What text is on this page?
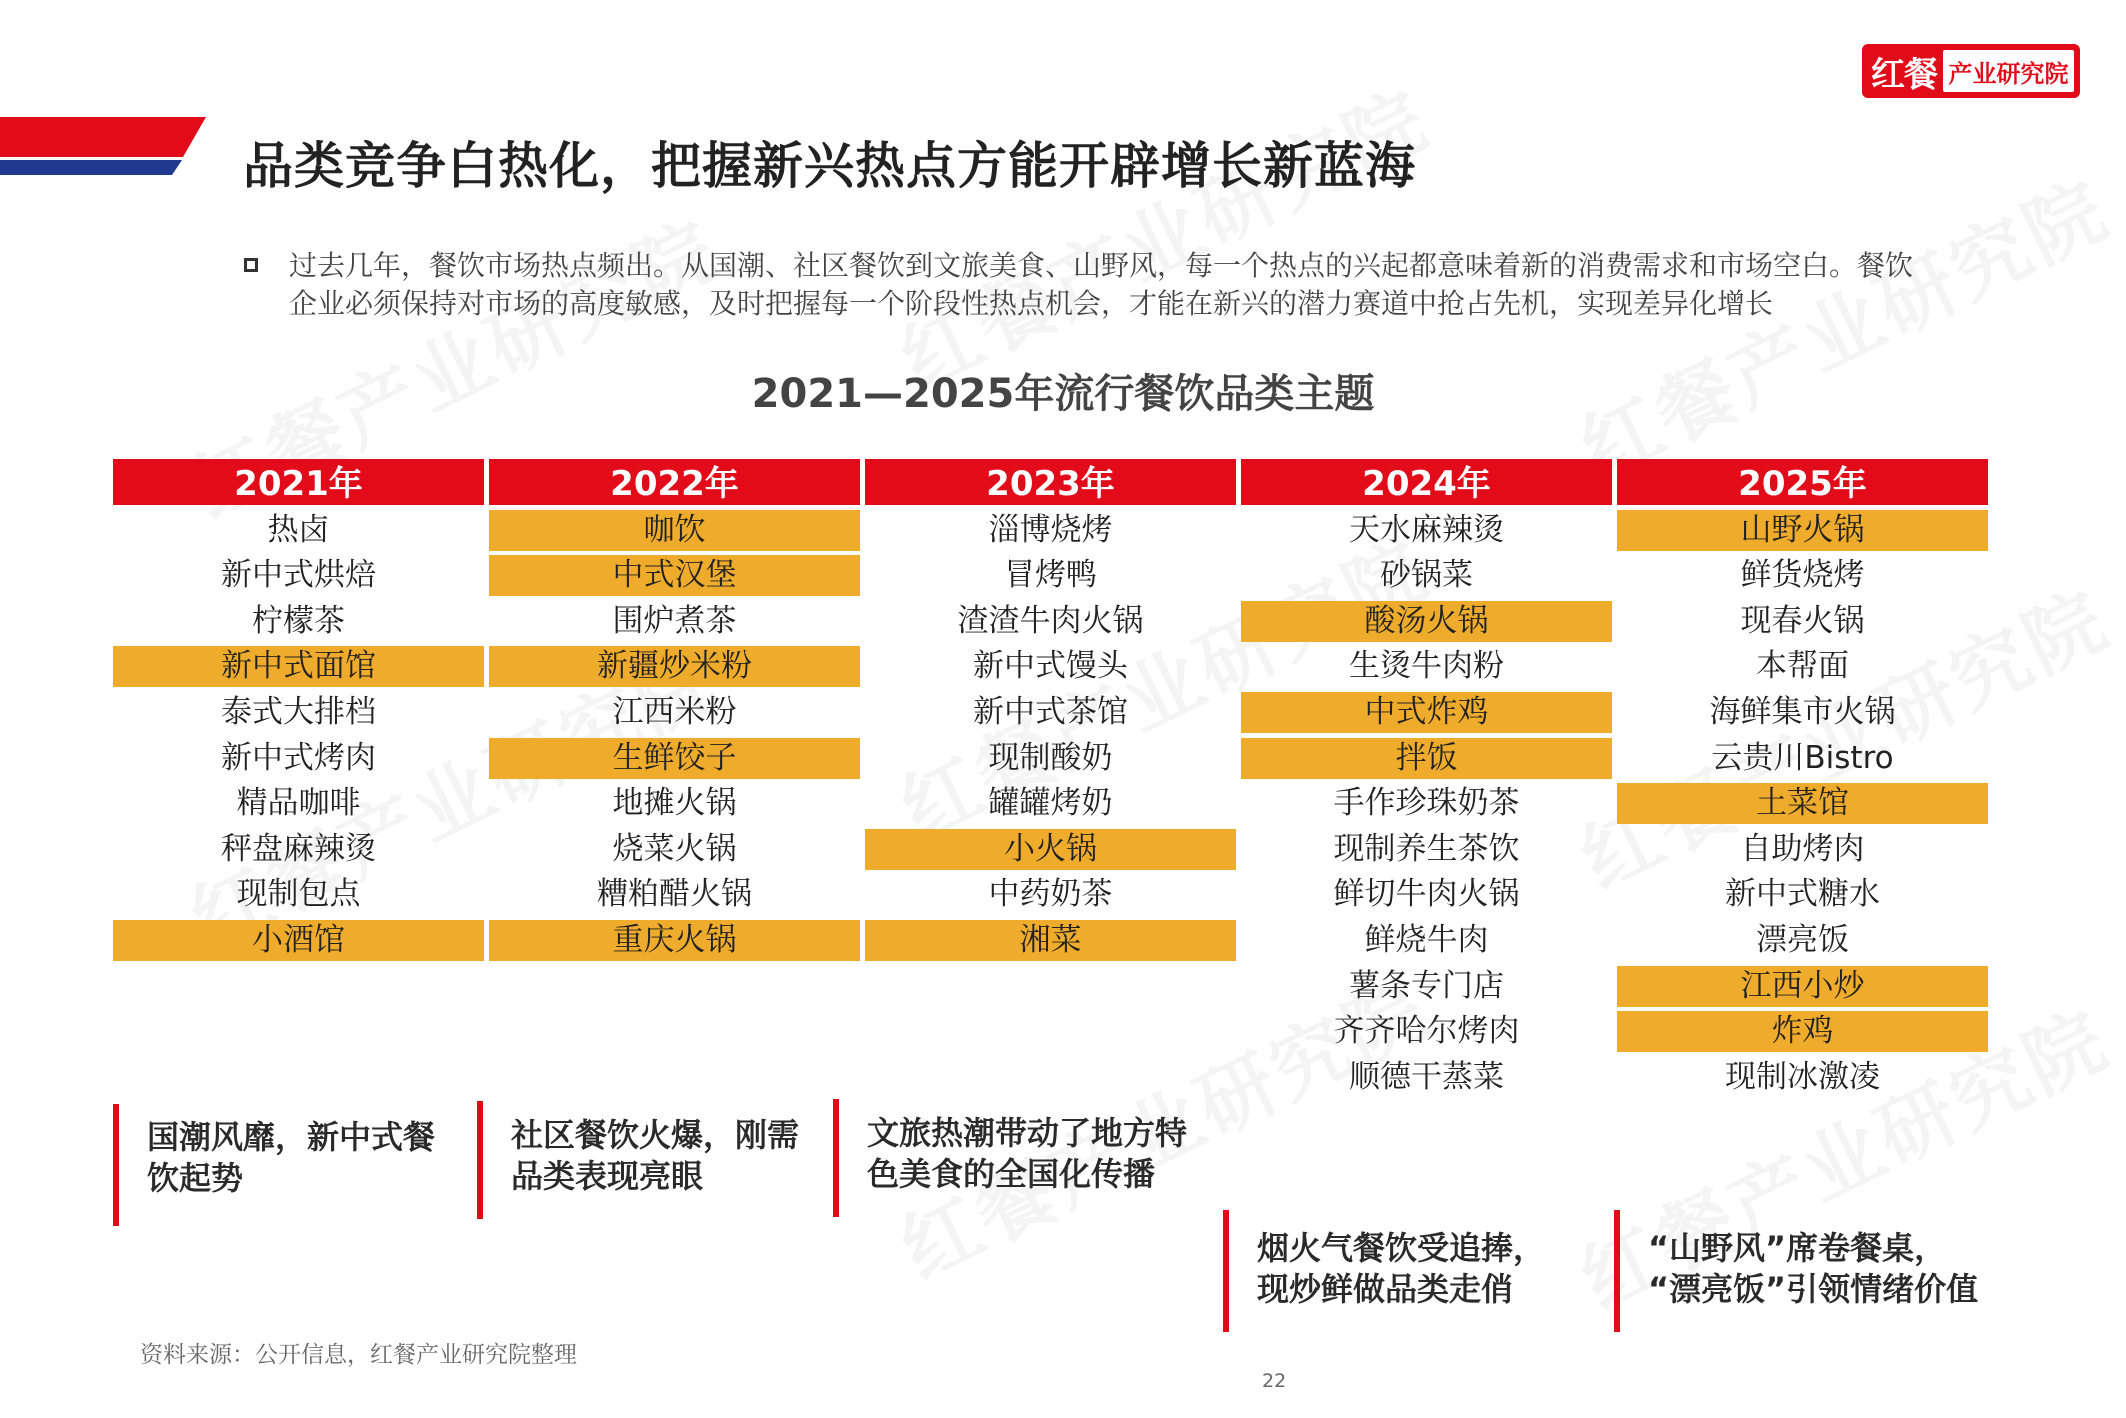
品类竞争白热化，把握新兴热点方能开辟增长新蓝海
红餐 产业研究院

过去几年，餐饮市场热点频出。从国潮、社区餐饮到文旅美食、山野风，每一个热点的兴起都意味着新的消费需求和市场空白。餐饮企业必须保持对市场的高度敏感，及时把握每一个阶段性热点机会，才能在新兴的潜力赛道中抢占先机，实现差异化增长

2021—2025年流行餐饮品类主题
2021年
热卤
新中式烘焙
柠檬茶
新中式面馆
泰式大排档
新中式烤肉
精品咖啡
秤盘麻辣烫
现制包点
小酒馆
2022年
咖饮
中式汉堡
围炉煮茶
新疆炒米粉
江西米粉
生鲜饺子
地摊火锅
烧菜火锅
糟粕醋火锅
重庆火锅
2023年
淄博烧烤
冒烤鸭
渣渣牛肉火锅
新中式馒头
新中式茶馆
现制酸奶
罐罐烤奶
小火锅
中药奶茶
湘菜
2024年
天水麻辣烫
砂锅菜
酸汤火锅
生烫牛肉粉
中式炸鸡
拌饭
手作珍珠奶茶
现制养生茶饮
鲜切牛肉火锅
鲜烧牛肉
薯条专门店
齐齐哈尔烤肉
顺德干蒸菜
2025年
山野火锅
鲜货烧烤
现春火锅
本帮面
海鲜集市火锅
云贵川Bistro
土菜馆
自助烤肉
新中式糖水
漂亮饭
江西小炒
炸鸡
现制冰激凌
国潮风靡，新中式餐
饮起势
社区餐饮火爆，刚需
品类表现亮眼
文旅热潮带动了地方特
色美食的全国化传播
烟火气餐饮受追捧，
现炒鲜做品类走俏
“山野风”席卷餐桌，
“漂亮饭”引领情绪价值
资料来源：公开信息，红餐产业研究院整理
22
